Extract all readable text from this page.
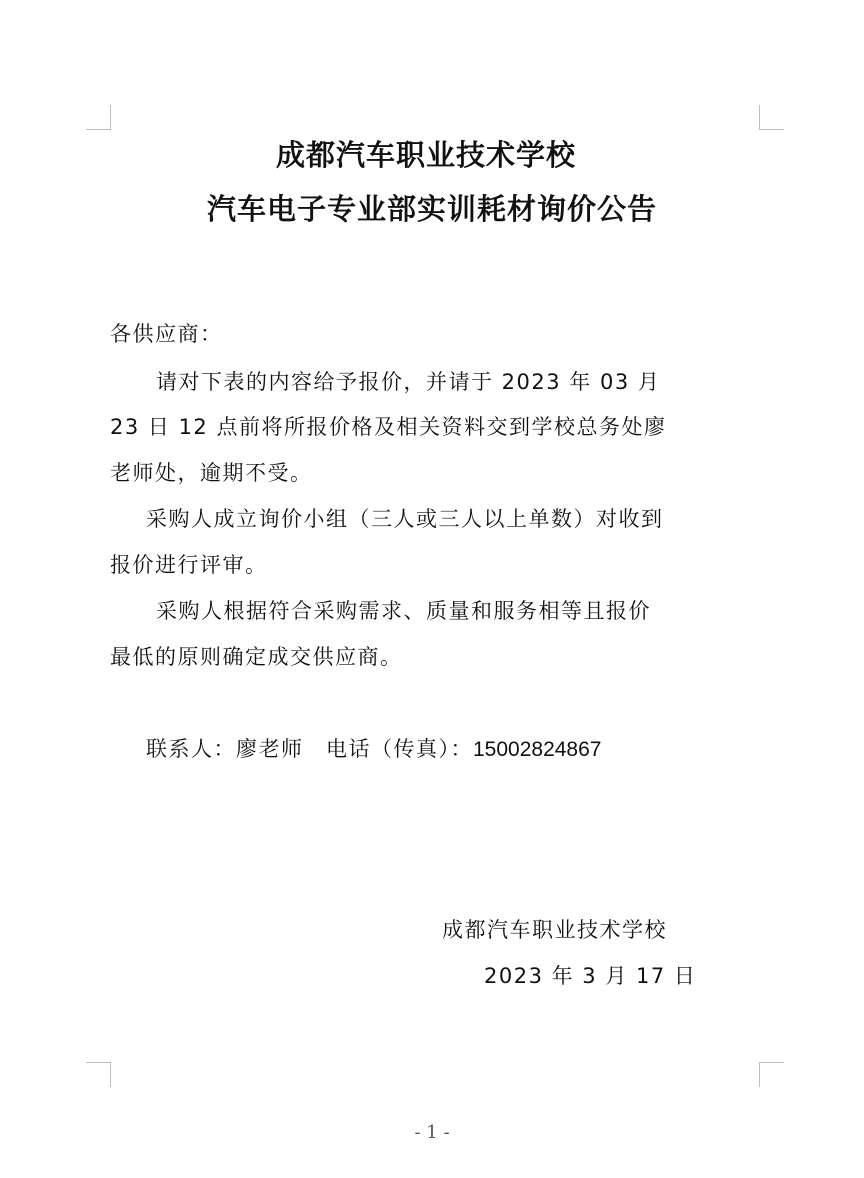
成都汽车职业技术学校
汽车电子专业部实训耗材询价公告
各供应商：
请对下表的内容给予报价，并请于 2023 年 03 月
23 日 12 点前将所报价格及相关资料交到学校总务处廖
老师处，逾期不受。
采购人成立询价小组（三人或三人以上单数）对收到
报价进行评审。
采购人根据符合采购需求、质量和服务相等且报价
最低的原则确定成交供应商。
联系人：廖老师　电话（传真）：15002824867
成都汽车职业技术学校
2023 年 3 月 17 日
- 1 -
